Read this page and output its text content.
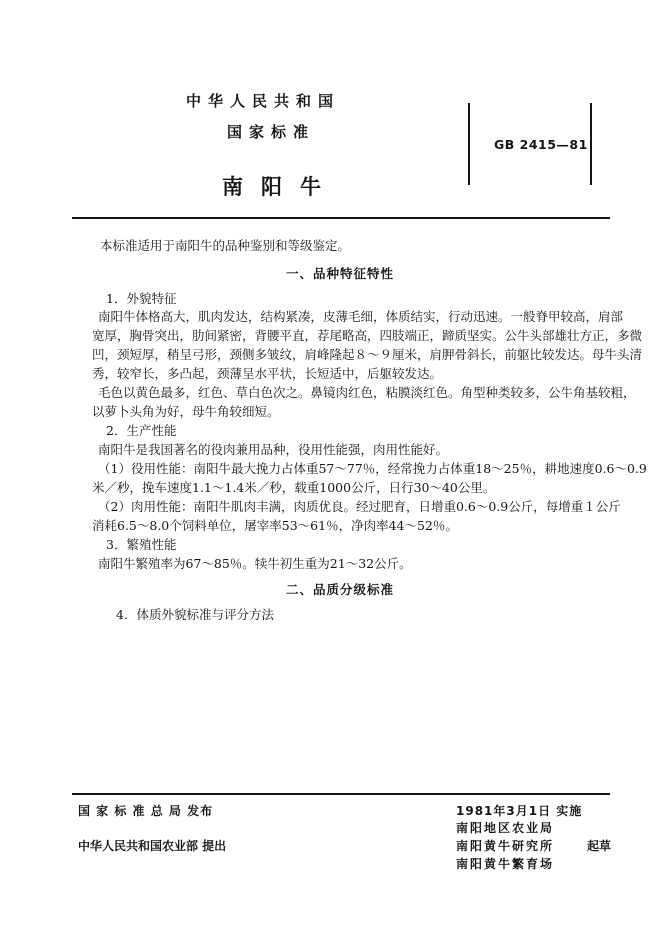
中华人民共和国
国家标准
南阳牛
GB 2415—81
本标准适用于南阳牛的品种鉴别和等级鉴定。
一、品种特征特性
1．外貌特征
南阳牛体格高大，肌肉发达，结构紧凑，皮薄毛细，体质结实，行动迅速。一般脊甲较高，肩部
宽厚，胸骨突出，肋间紧密，背腰平直，荐尾略高，四肢端正，蹄质坚实。公牛头部雄壮方正，多微
凹，颈短厚，稍呈弓形，颈侧多皱纹，肩峰隆起８～９厘米，肩胛骨斜长，前躯比较发达。母牛头清
秀，较窄长，多凸起，颈薄呈水平状，长短适中，后躯较发达。
毛色以黄色最多，红色、草白色次之。鼻镜肉红色，粘膜淡红色。角型种类较多，公牛角基较粗，
以萝卜头角为好，母牛角较细短。
2．生产性能
南阳牛是我国著名的役肉兼用品种，役用性能强，肉用性能好。
（1）役用性能：南阳牛最大挽力占体重57～77％，经常挽力占体重18～25％，耕地速度0.6～0.9
米／秒，挽车速度1.1～1.4米／秒，载重1000公斤，日行30～40公里。
（2）肉用性能：南阳牛肌肉丰满，肉质优良。经过肥育，日增重0.6～0.9公斤，每增重１公斤
消耗6.5～8.0个饲料单位，屠宰率53～61％，净肉率44～52％。
3．繁殖性能
南阳牛繁殖率为67～85％。犊牛初生重为21～32公斤。
二、品质分级标准
4．体质外貌标准与评分方法
国 家 标 准 总 局 发布	1981年3月1日 实施
中华人民共和国农业部 提出
南阳地区农业局
南阳黄牛研究所	起草
南阳黄牛繁育场
